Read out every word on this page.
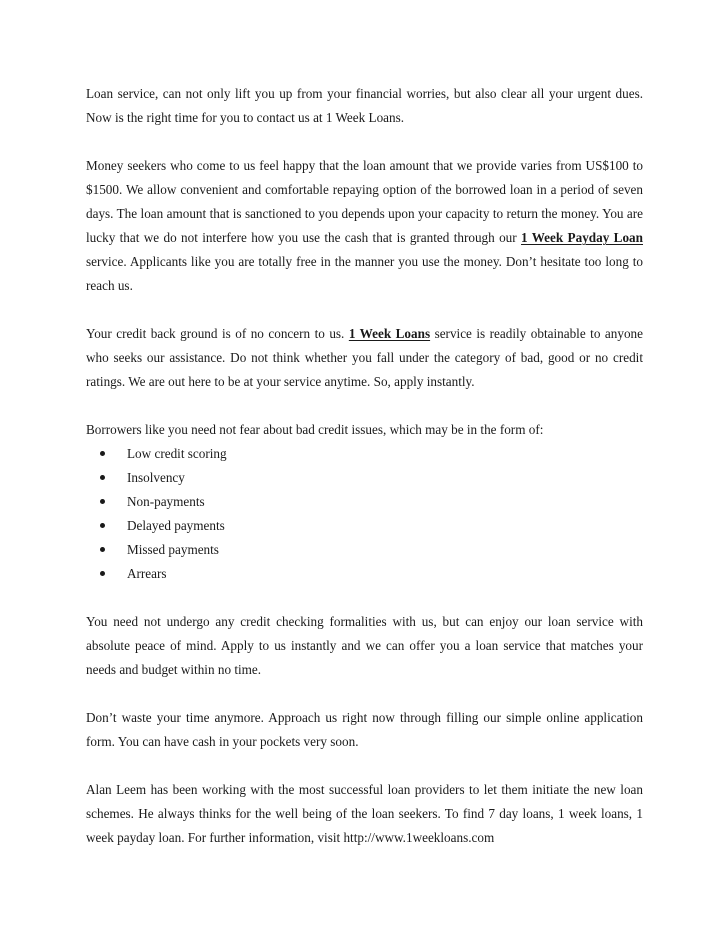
Loan service, can not only lift you up from your financial worries, but also clear all your urgent dues. Now is the right time for you to contact us at 1 Week Loans.

Money seekers who come to us feel happy that the loan amount that we provide varies from US$100 to $1500. We allow convenient and comfortable repaying option of the borrowed loan in a period of seven days. The loan amount that is sanctioned to you depends upon your capacity to return the money. You are lucky that we do not interfere how you use the cash that is granted through our 1 Week Payday Loan service. Applicants like you are totally free in the manner you use the money. Don’t hesitate too long to reach us.

Your credit back ground is of no concern to us. 1 Week Loans service is readily obtainable to anyone who seeks our assistance. Do not think whether you fall under the category of bad, good or no credit ratings. We are out here to be at your service anytime. So, apply instantly.

Borrowers like you need not fear about bad credit issues, which may be in the form of:

Low credit scoring
Insolvency
Non-payments
Delayed payments
Missed payments
Arrears

You need not undergo any credit checking formalities with us, but can enjoy our loan service with absolute peace of mind. Apply to us instantly and we can offer you a loan service that matches your needs and budget within no time.

Don’t waste your time anymore. Approach us right now through filling our simple online application form. You can have cash in your pockets very soon.

Alan Leem has been working with the most successful loan providers to let them initiate the new loan schemes. He always thinks for the well being of the loan seekers. To find 7 day loans, 1 week loans, 1 week payday loan. For further information, visit http://www.1weekloans.com
